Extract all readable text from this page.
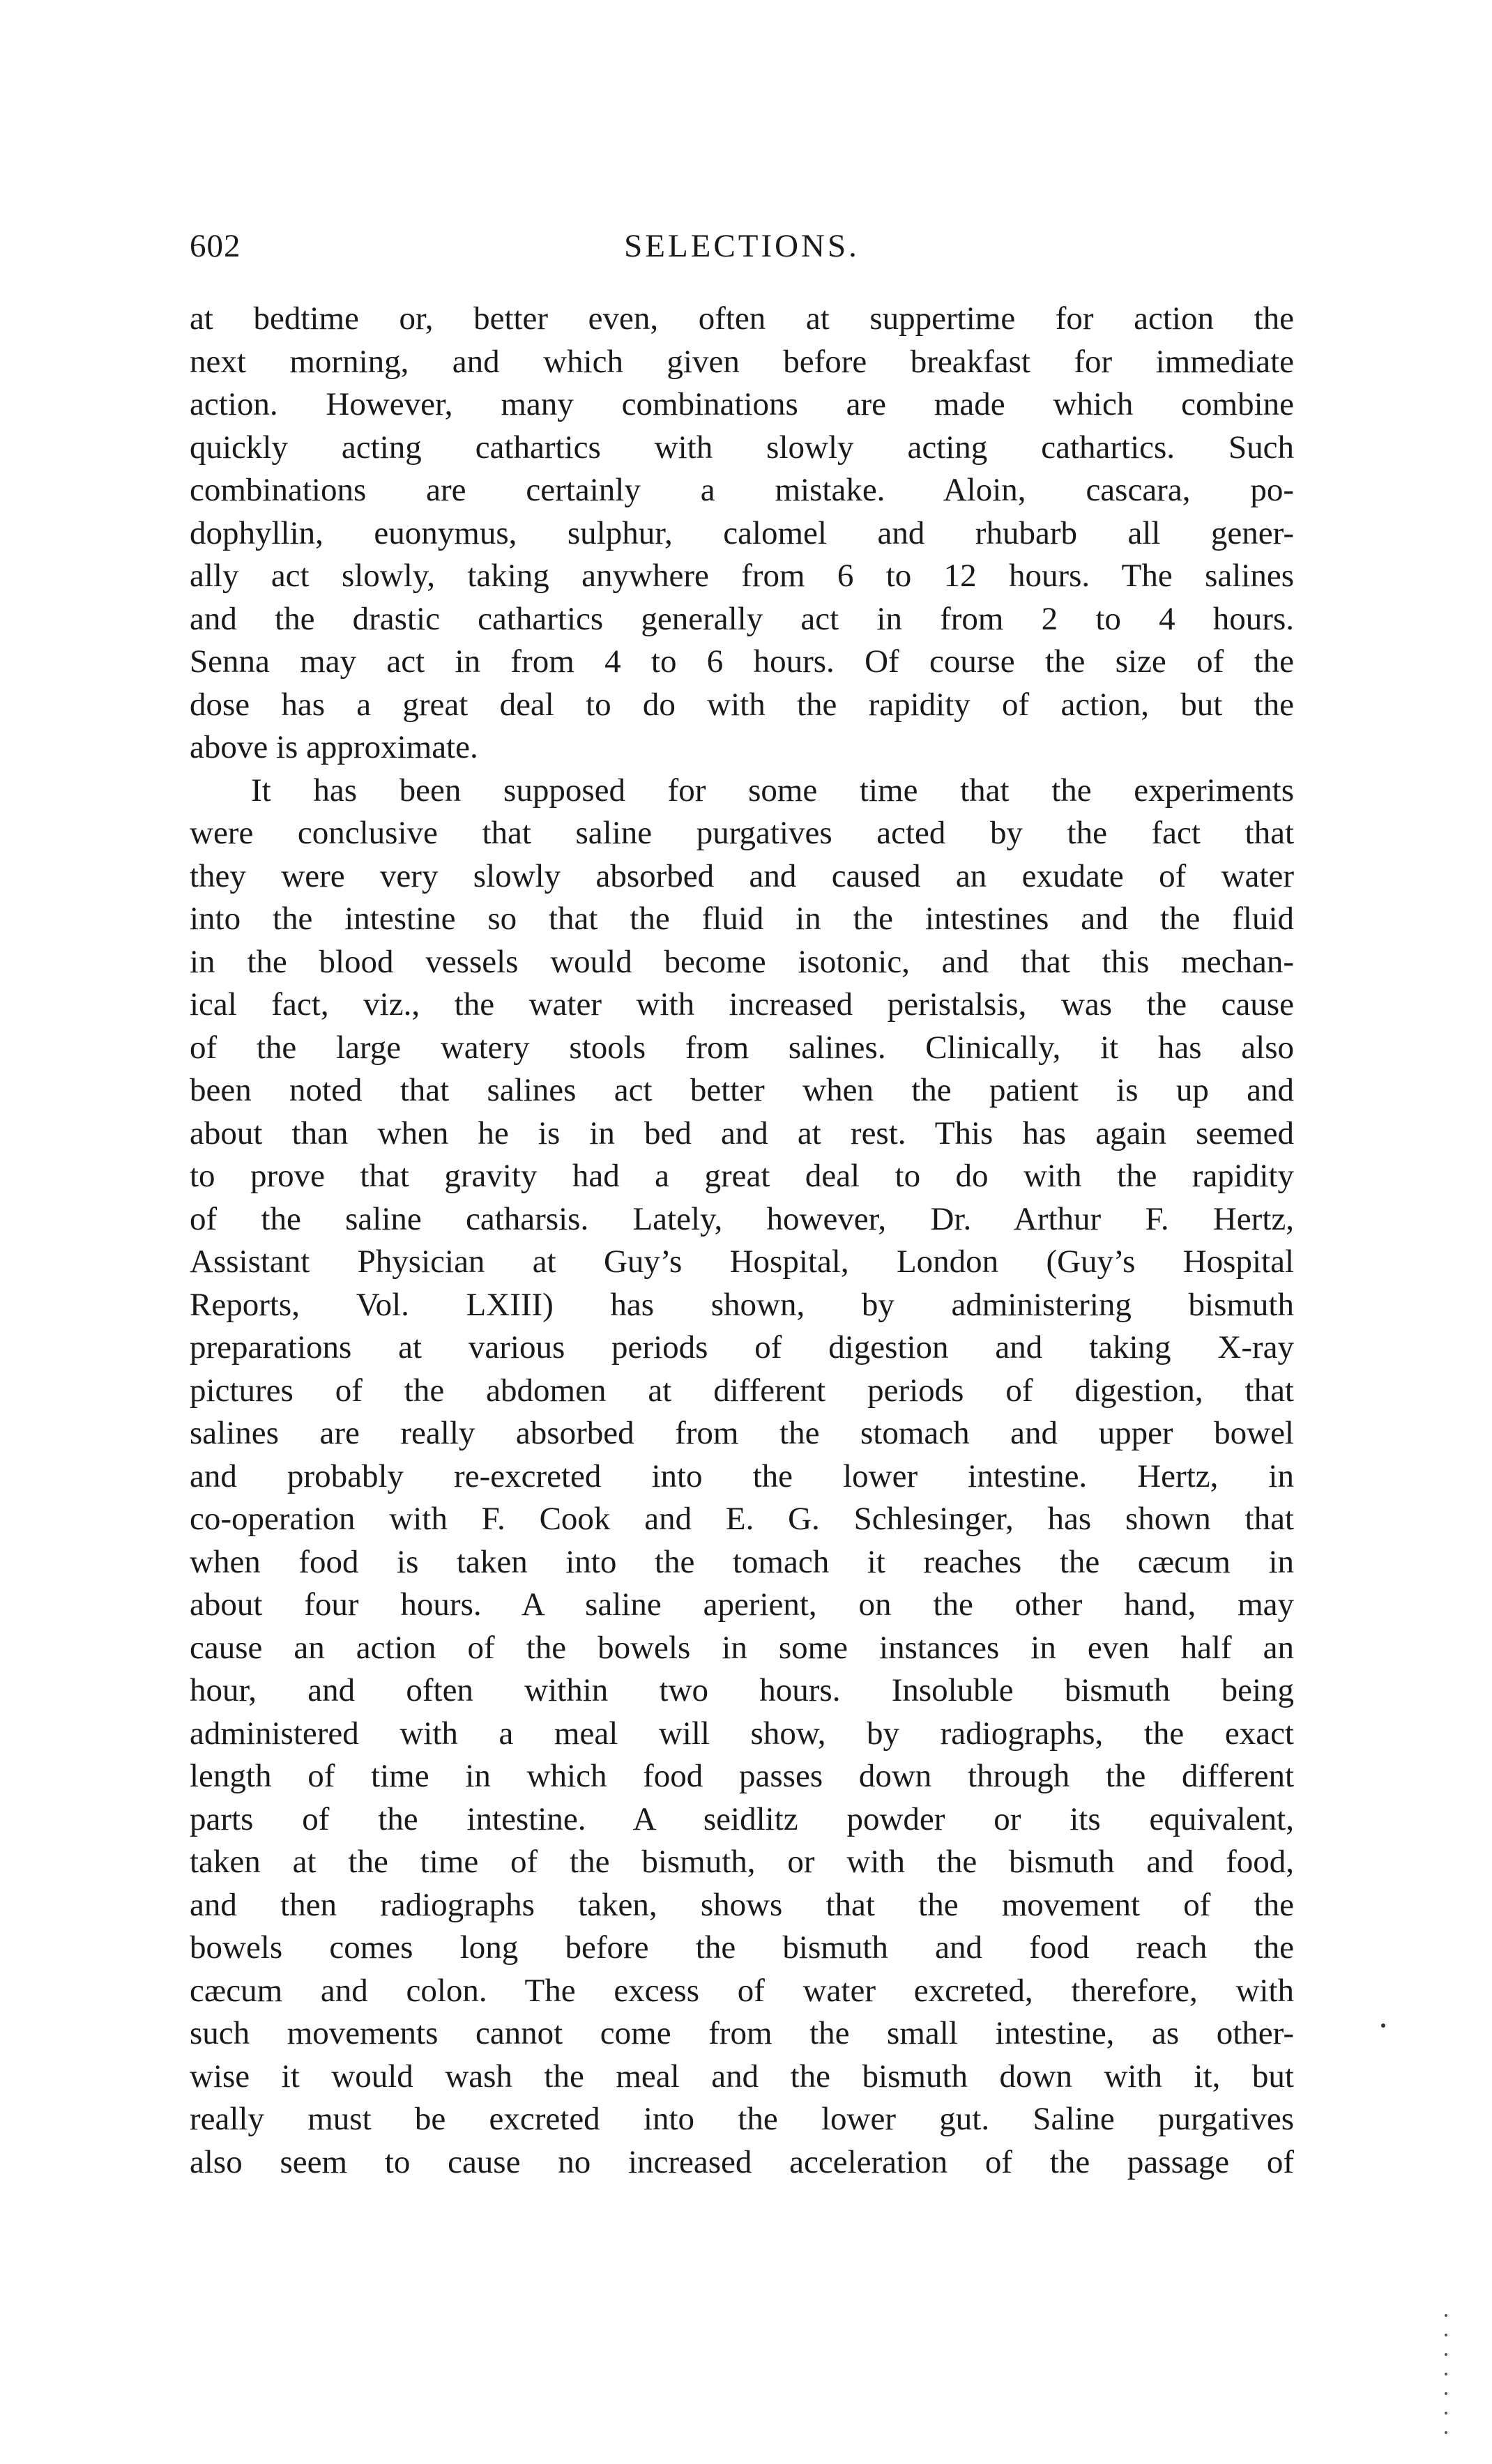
602	SELECTIONS.
at bedtime or, better even, often at suppertime for action the
next morning, and which given before breakfast for immediate
action. However, many combinations are made which combine
quickly acting cathartics with slowly acting cathartics. Such
combinations are certainly a mistake. Aloin, cascara, po-
dophyllin, euonymus, sulphur, calomel and rhubarb all gener-
ally act slowly, taking anywhere from 6 to 12 hours. The salines
and the drastic cathartics generally act in from 2 to 4 hours.
Senna may act in from 4 to 6 hours. Of course the size of the
dose has a great deal to do with the rapidity of action, but the
above is approximate.
It has been supposed for some time that the experiments
were conclusive that saline purgatives acted by the fact that
they were very slowly absorbed and caused an exudate of water
into the intestine so that the fluid in the intestines and the fluid
in the blood vessels would become isotonic, and that this mechan-
ical fact, viz., the water with increased peristalsis, was the cause
of the large watery stools from salines. Clinically, it has also
been noted that salines act better when the patient is up and
about than when he is in bed and at rest. This has again seemed
to prove that gravity had a great deal to do with the rapidity
of the saline catharsis. Lately, however, Dr. Arthur F. Hertz,
Assistant Physician at Guy’s Hospital, London (Guy’s Hospital
Reports, Vol. LXIII) has shown, by administering bismuth
preparations at various periods of digestion and taking X-ray
pictures of the abdomen at different periods of digestion, that
salines are really absorbed from the stomach and upper bowel
and probably re-excreted into the lower intestine. Hertz, in
co-operation with F. Cook and E. G. Schlesinger, has shown that
when food is taken into the tomach it reaches the cæcum in
about four hours. A saline aperient, on the other hand, may
cause an action of the bowels in some instances in even half an
hour, and often within two hours. Insoluble bismuth being
administered with a meal will show, by radiographs, the exact
length of time in which food passes down through the different
parts of the intestine. A seidlitz powder or its equivalent,
taken at the time of the bismuth, or with the bismuth and food,
and then radiographs taken, shows that the movement of the
bowels comes long before the bismuth and food reach the
cæcum and colon. The excess of water excreted, therefore, with
such movements cannot come from the small intestine, as other-
wise it would wash the meal and the bismuth down with it, but
really must be excreted into the lower gut. Saline purgatives
also seem to cause no increased acceleration of the passage of
